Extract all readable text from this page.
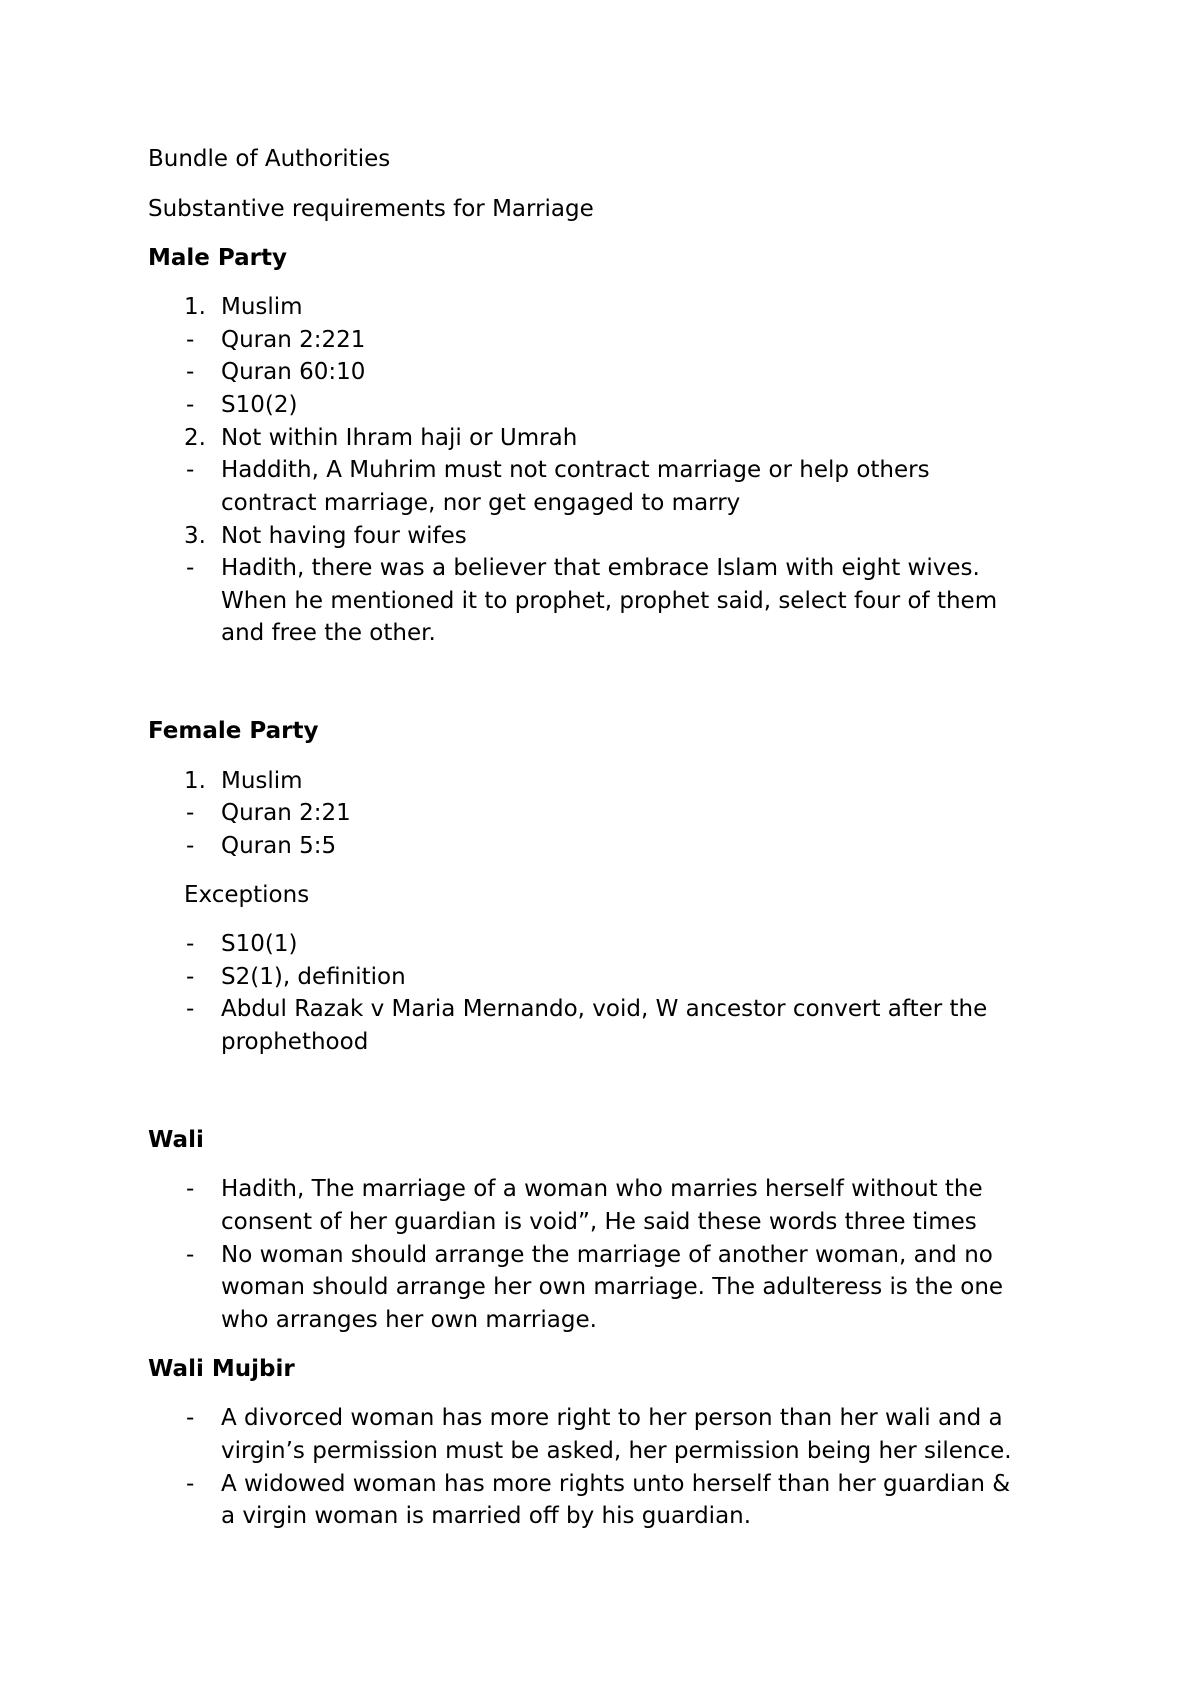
Bundle of Authorities
Substantive requirements for Marriage
Male Party
1. Muslim
- Quran 2:221
- Quran 60:10
- S10(2)
2. Not within Ihram haji or Umrah
- Haddith, A Muhrim must not contract marriage or help others
contract marriage, nor get engaged to marry
3. Not having four wifes
- Hadith, there was a believer that embrace Islam with eight wives.
When he mentioned it to prophet, prophet said, select four of them
and free the other.
Female Party
1. Muslim
- Quran 2:21
- Quran 5:5
Exceptions
- S10(1)
- S2(1), definition
- Abdul Razak v Maria Mernando, void, W ancestor convert after the
prophethood
Wali
- Hadith, The marriage of a woman who marries herself without the
consent of her guardian is void”, He said these words three times
- No woman should arrange the marriage of another woman, and no
woman should arrange her own marriage. The adulteress is the one
who arranges her own marriage.
Wali Mujbir
- A divorced woman has more right to her person than her wali and a
virgin’s permission must be asked, her permission being her silence.
- A widowed woman has more rights unto herself than her guardian &
a virgin woman is married off by his guardian.
